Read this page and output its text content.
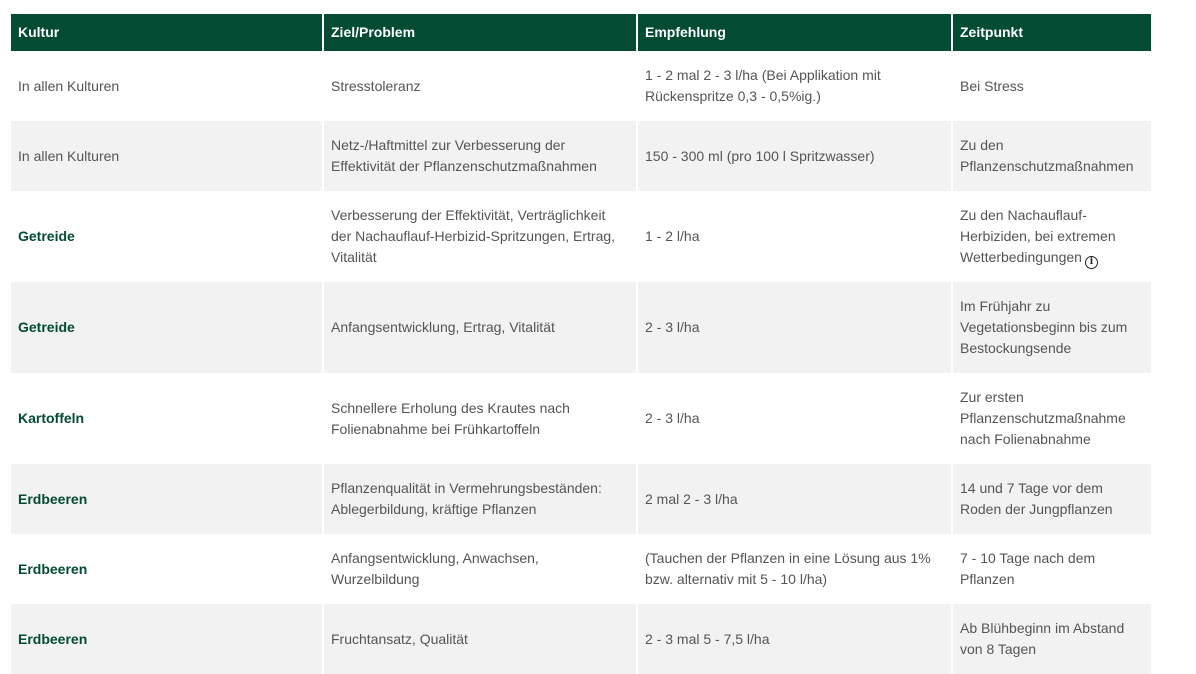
Kultur	Ziel/Problem	Empfehlung	Zeitpunkt
In allen Kulturen	Stresstoleranz	1 - 2 mal 2 - 3 l/ha (Bei Applikation mit Rückenspritze 0,3 - 0,5%ig.)	Bei Stress
In allen Kulturen	Netz-/Haftmittel zur Verbesserung der Effektivität der Pflanzenschutzmaßnahmen	150 - 300 ml (pro 100 l Spritzwasser)	Zu den Pflanzenschutzmaßnahmen
Getreide	Verbesserung der Effektivität, Verträglichkeit der Nachauflauf-Herbizid-Spritzungen, Ertrag, Vitalität	1 - 2 l/ha	Zu den Nachauflauf-Herbiziden, bei extremen Wetterbedingungen i
Getreide	Anfangsentwicklung, Ertrag, Vitalität	2 - 3 l/ha	Im Frühjahr zu Vegetationsbeginn bis zum Bestockungsende
Kartoffeln	Schnellere Erholung des Krautes nach Folienabnahme bei Frühkartoffeln	2 - 3 l/ha	Zur ersten Pflanzenschutzmaßnahme nach Folienabnahme
Erdbeeren	Pflanzenqualität in Vermehrungsbeständen: Ablegerbildung, kräftige Pflanzen	2 mal 2 - 3 l/ha	14 und 7 Tage vor dem Roden der Jungpflanzen
Erdbeeren	Anfangsentwicklung, Anwachsen, Wurzelbildung	(Tauchen der Pflanzen in eine Lösung aus 1% bzw. alternativ mit 5 - 10 l/ha)	7 - 10 Tage nach dem Pflanzen
Erdbeeren	Fruchtansatz, Qualität	2 - 3 mal 5 - 7,5 l/ha	Ab Blühbeginn im Abstand von 8 Tagen
